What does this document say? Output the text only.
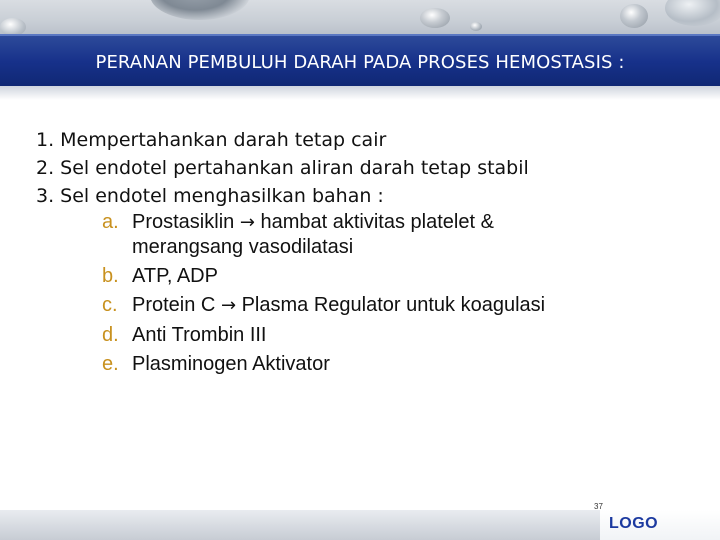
PERANAN PEMBULUH DARAH PADA PROSES HEMOSTASIS :
1. Mempertahankan darah tetap cair
2. Sel endotel pertahankan aliran darah tetap stabil
3. Sel endotel menghasilkan bahan :
a. Prostasiklin → hambat aktivitas platelet &
merangsang vasodilatasi
b. ATP, ADP
c. Protein C → Plasma Regulator untuk koagulasi
d. Anti Trombin III
e. Plasminogen Aktivator
37
LOGO
